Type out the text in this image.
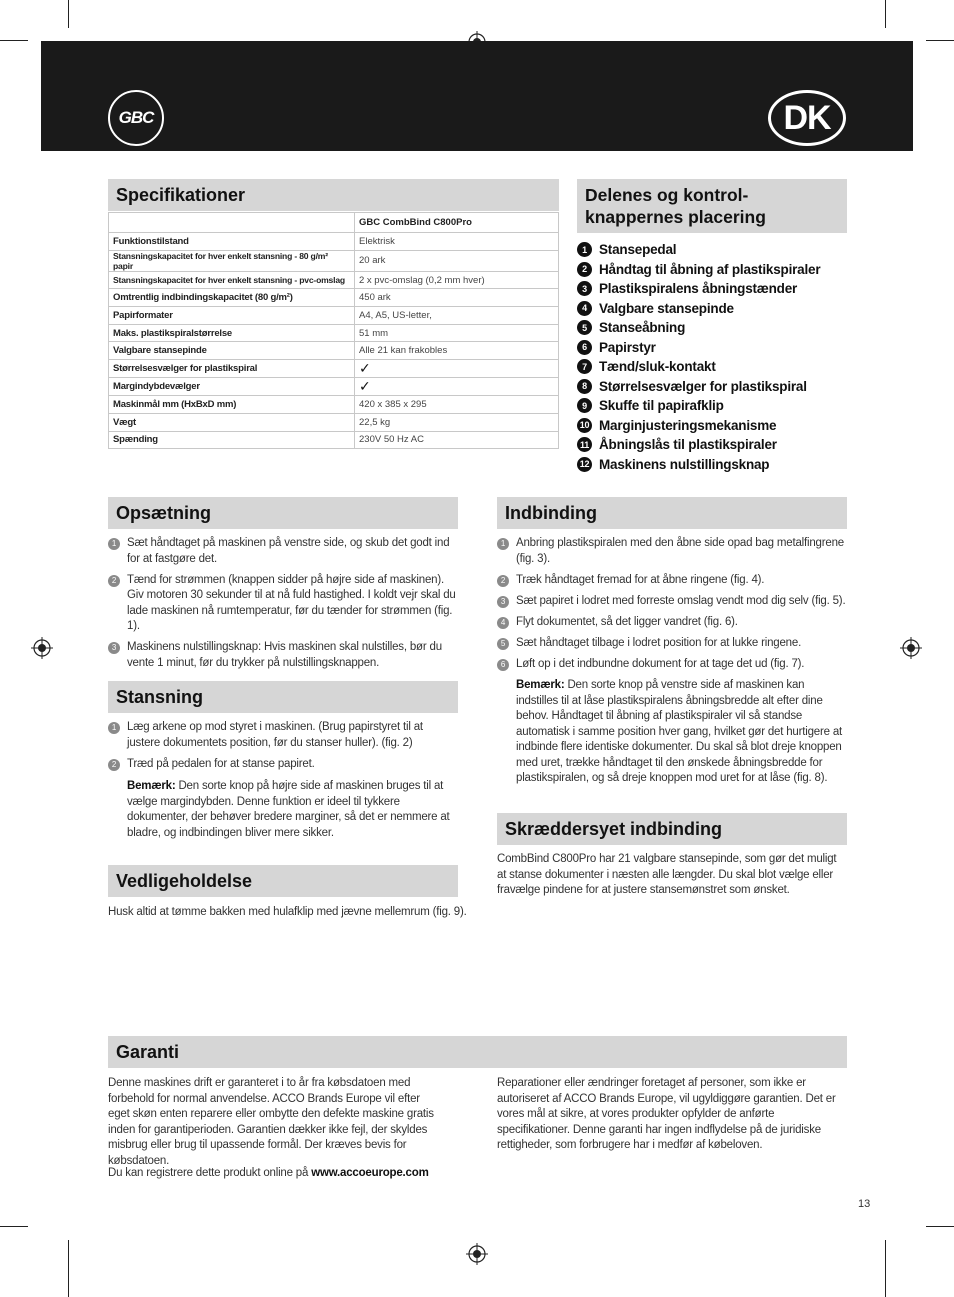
GBC	DK
Specifikationer
	GBC CombBind C800Pro
Funktionstilstand	Elektrisk
Stansningskapacitet for hver enkelt stansning - 80 g/m² papir	20 ark
Stansningskapacitet for hver enkelt stansning - pvc-omslag	2 x pvc-omslag (0,2 mm hver)
Omtrentlig indbindingskapacitet (80 g/m²)	450 ark
Papirformater	A4, A5, US-letter,
Maks. plastikspiralstørrelse	51 mm
Valgbare stansepinde	Alle 21 kan frakobles
Størrelsesvælger for plastikspiral	✓
Margindybdevælger	✓
Maskinmål mm (HxBxD mm)	420 x 385 x 295
Vægt	22,5 kg
Spænding	230V 50 Hz AC
Delenes og kontrol-
knappernes placering
1 Stansepedal
2 Håndtag til åbning af plastikspiraler
3 Plastikspiralens åbningstænder
4 Valgbare stansepinde
5 Stanseåbning
6 Papirstyr
7 Tænd/sluk-kontakt
8 Størrelsesvælger for plastikspiral
9 Skuffe til papirafklip
10 Marginjusteringsmekanisme
11 Åbningslås til plastikspiraler
12 Maskinens nulstillingsknap
Opsætning
1 Sæt håndtaget på maskinen på venstre side, og skub det godt ind for at fastgøre det.
2 Tænd for strømmen (knappen sidder på højre side af maskinen). Giv motoren 30 sekunder til at nå fuld hastighed. I koldt vejr skal du lade maskinen nå rumtemperatur, før du tænder for strømmen (fig. 1).
3 Maskinens nulstillingsknap: Hvis maskinen skal nulstilles, bør du vente 1 minut, før du trykker på nulstillingsknappen.
Stansning
1 Læg arkene op mod styret i maskinen. (Brug papirstyret til at justere dokumentets position, før du stanser huller). (fig. 2)
2 Træd på pedalen for at stanse papiret.
Bemærk: Den sorte knop på højre side af maskinen bruges til at vælge margindybden. Denne funktion er ideel til tykkere dokumenter, der behøver bredere marginer, så det er nemmere at bladre, og indbindingen bliver mere sikker.
Vedligeholdelse
Husk altid at tømme bakken med hulafklip med jævne mellemrum (fig. 9).
Indbinding
1 Anbring plastikspiralen med den åbne side opad bag metalfingrene (fig. 3).
2 Træk håndtaget fremad for at åbne ringene (fig. 4).
3 Sæt papiret i lodret med forreste omslag vendt mod dig selv (fig. 5).
4 Flyt dokumentet, så det ligger vandret (fig. 6).
5 Sæt håndtaget tilbage i lodret position for at lukke ringene.
6 Løft op i det indbundne dokument for at tage det ud (fig. 7).
Bemærk: Den sorte knop på venstre side af maskinen kan indstilles til at låse plastikspiralens åbningsbredde alt efter dine behov. Håndtaget til åbning af plastikspiraler vil så standse automatisk i samme position hver gang, hvilket gør det hurtigere at indbinde flere identiske dokumenter. Du skal så blot dreje knoppen med uret, trække håndtaget til den ønskede åbningsbredde for plastikspiralen, og så dreje knoppen mod uret for at låse (fig. 8).
Skræddersyet indbinding
CombBind C800Pro har 21 valgbare stansepinde, som gør det muligt at stanse dokumenter i næsten alle længder. Du skal blot vælge eller fravælge pindene for at justere stansemønstret som ønsket.
Garanti
Denne maskines drift er garanteret i to år fra købsdatoen med forbehold for normal anvendelse. ACCO Brands Europe vil efter eget skøn enten reparere eller ombytte den defekte maskine gratis inden for garantiperioden. Garantien dækker ikke fejl, der skyldes misbrug eller brug til upassende formål. Der kræves bevis for købsdatoen.
Du kan registrere dette produkt online på www.accoeurope.com
Reparationer eller ændringer foretaget af personer, som ikke er autoriseret af ACCO Brands Europe, vil ugyldiggøre garantien. Det er vores mål at sikre, at vores produkter opfylder de anførte specifikationer. Denne garanti har ingen indflydelse på de juridiske rettigheder, som forbrugere har i medfør af købeloven.
13
